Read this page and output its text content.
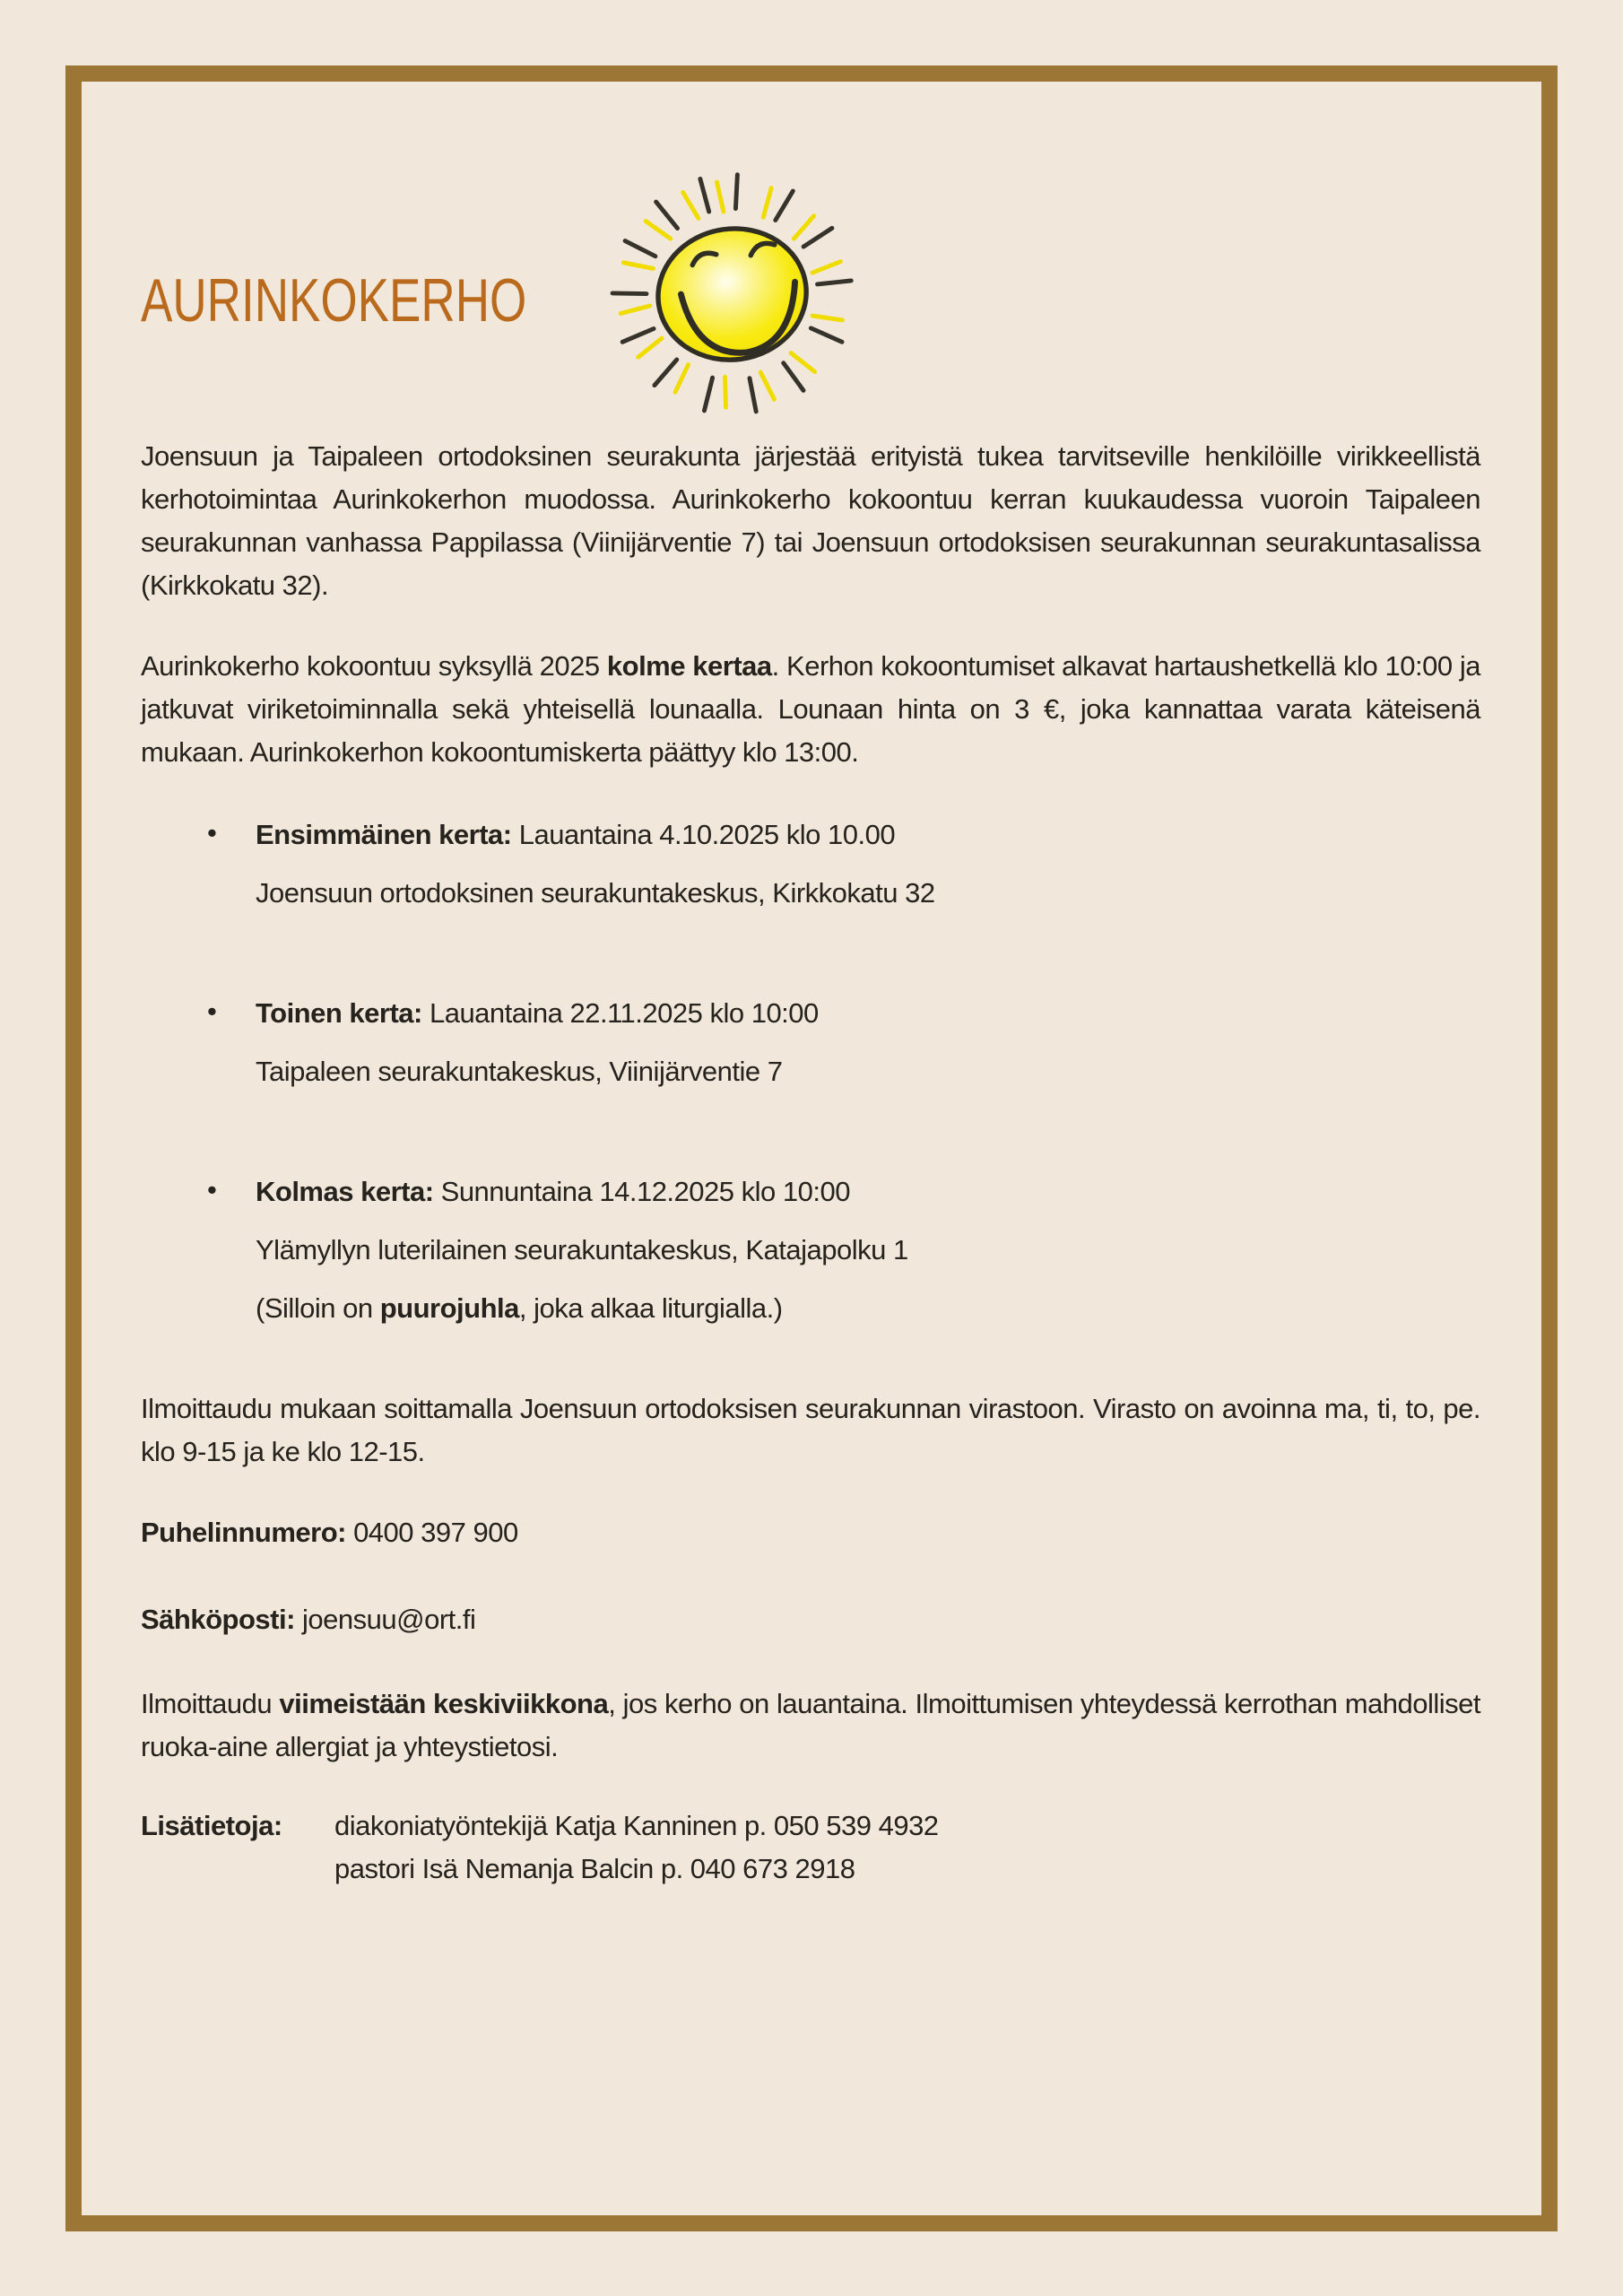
AURINKOKERHO

Joensuun ja Taipaleen ortodoksinen seurakunta järjestää erityistä tukea tarvitseville henkilöille virikkeellistä kerhotoimintaa Aurinkokerhon muodossa. Aurinkokerho kokoontuu kerran kuukaudessa vuoroin Taipaleen seurakunnan vanhassa Pappilassa (Viinijärventie 7) tai Joensuun ortodoksisen seurakunnan seurakuntasalissa (Kirkkokatu 32).

Aurinkokerho kokoontuu syksyllä 2025 kolme kertaa. Kerhon kokoontumiset alkavat hartaushetkellä klo 10:00 ja jatkuvat viriketoiminnalla sekä yhteisellä lounaalla. Lounaan hinta on 3 €, joka kannattaa varata käteisenä mukaan. Aurinkokerhon kokoontumiskerta päättyy klo 13:00.

• Ensimmäinen kerta: Lauantaina 4.10.2025 klo 10.00

Joensuun ortodoksinen seurakuntakeskus, Kirkkokatu 32

• Toinen kerta: Lauantaina 22.11.2025 klo 10:00

Taipaleen seurakuntakeskus, Viinijärventie 7

• Kolmas kerta: Sunnuntaina 14.12.2025 klo 10:00

Ylämyllyn luterilainen seurakuntakeskus, Katajapolku 1

(Silloin on puurojuhla, joka alkaa liturgialla.)

Ilmoittaudu mukaan soittamalla Joensuun ortodoksisen seurakunnan virastoon. Virasto on avoinna ma, ti, to, pe. klo 9-15 ja ke klo 12-15.

Puhelinnumero: 0400 397 900

Sähköposti: joensuu@ort.fi

Ilmoittaudu viimeistään keskiviikkona, jos kerho on lauantaina. Ilmoittumisen yhteydessä kerrothan mahdolliset ruoka-aine allergiat ja yhteystietosi.

Lisätietoja:	diakoniatyöntekijä Katja Kanninen p. 050 539 4932

pastori Isä Nemanja Balcin p. 040 673 2918
